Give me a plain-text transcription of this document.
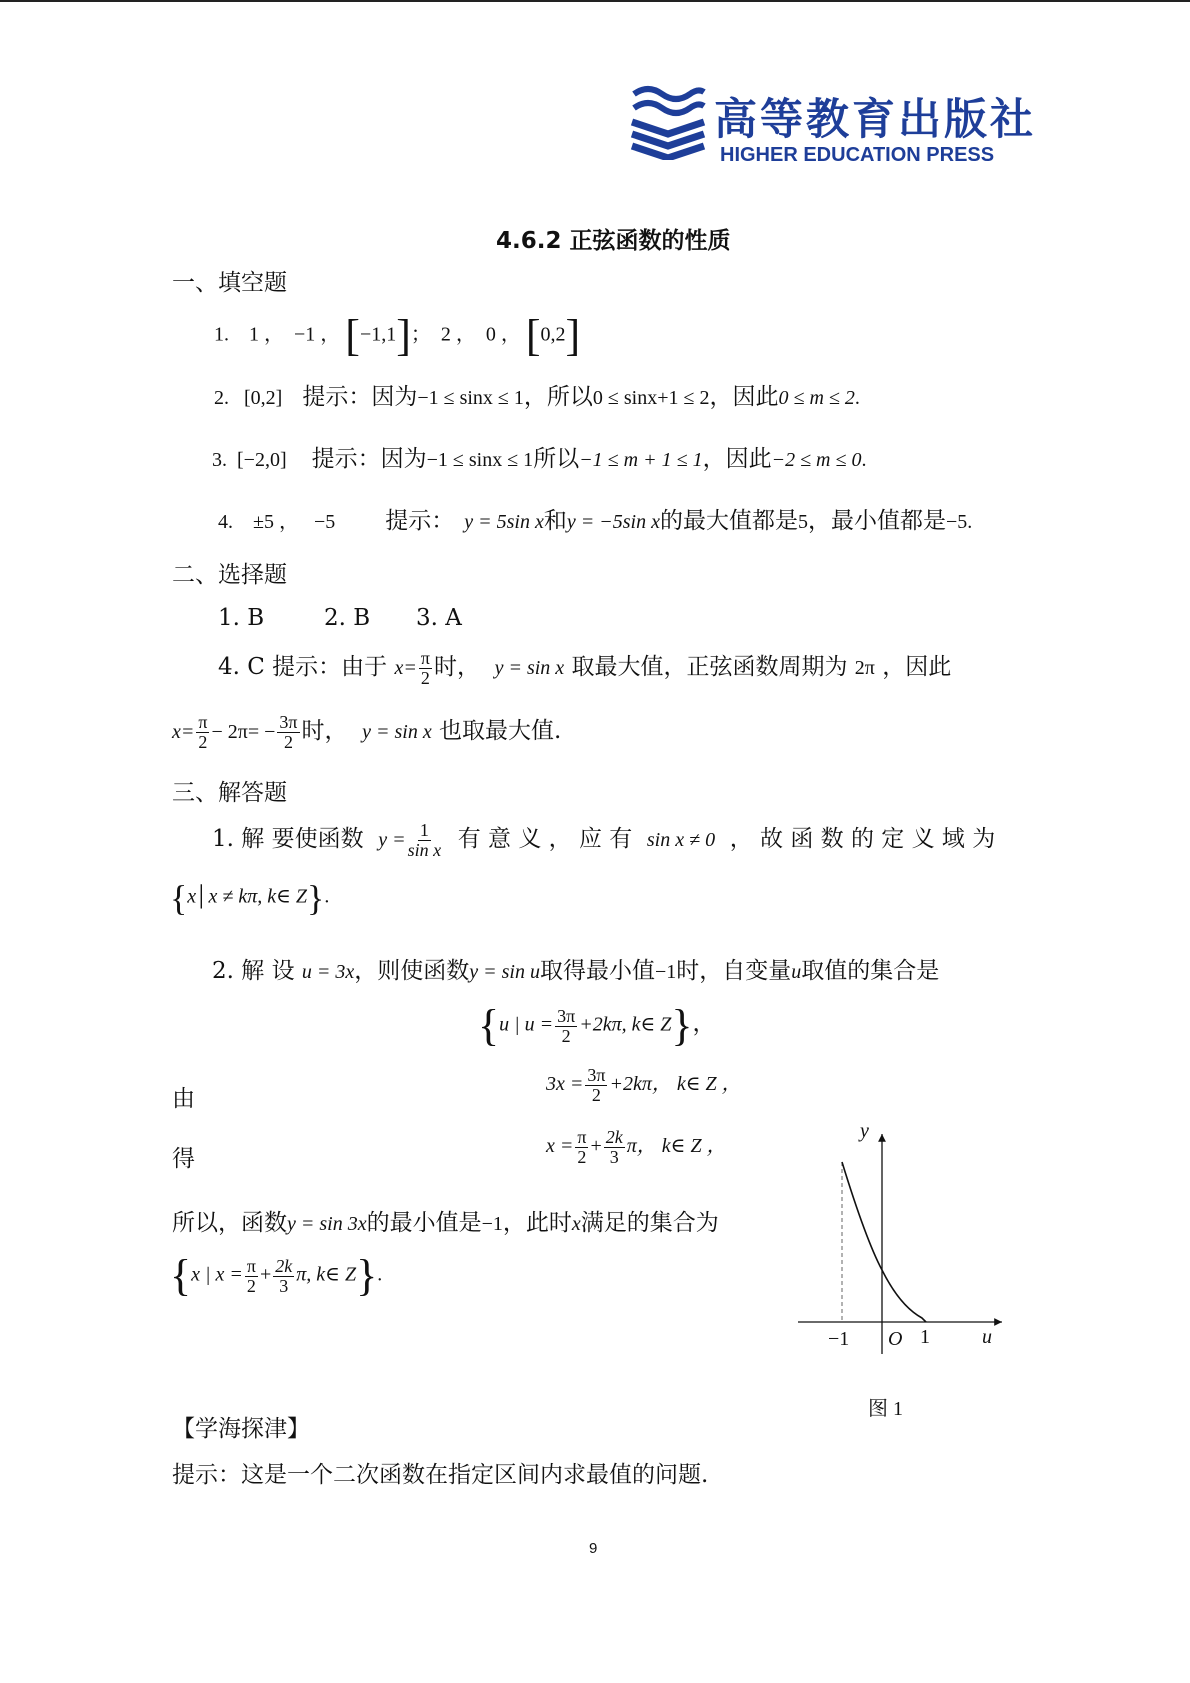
高等教育出版社
HIGHER EDUCATION PRESS
4.6.2 正弦函数的性质
一、填空题
1. 1 ，  −1 ， [−1,1]；  2 ，  0 ， [0,2]
2. [0,2] 提示：因为−1 ≤ sinx ≤ 1，所以0 ≤ sinx+1 ≤ 2，因此0 ≤ m ≤ 2.
3. [−2,0] 提示：因为−1 ≤ sinx ≤ 1所以−1 ≤ m + 1 ≤ 1，因此−2 ≤ m ≤ 0.
4. ±5 ，   −5 提示： y = 5sin x和y = −5sin x的最大值都是5，最小值都是−5.
二、选择题
1. B	2. B 3. A
4. C 提示：由于 $x= \frac{\pi}{2}$ 时， y = sin x 取最大值，正弦函数周期为 2π ，因此
$x= \frac{\pi}{2} - 2\pi= - \frac{3\pi}{2}$ 时， y = sin x 也取最大值.
三、解答题
1. 解 要使函数 $y = \frac{1}{\text{sin x}}$ 有 意 义 ， 应 有 sin x ≠ 0 ， 故 函 数 的 定 义 域 为
{x│x ≠ kπ, k∈ Z}.
2. 解 设 u = 3x，则使函数y = sin u取得最小值−1时，自变量u取值的集合是
{u | $u = \frac{3\pi}{2} +2k\pi$, k∈ Z}，
由
$3x = \frac{3\pi}{2} +2k\pi$， k∈ Z ，
得
$x = \frac{\pi}{2} + \frac{2k}{3}$ π， k∈ Z ，
所以，函数y = sin 3x的最小值是−1，此时x满足的集合为
{x | $x = \frac{\pi}{2} + \frac{2k}{3} \pi$, k∈ Z}.
y
u
O
−1	1
图 1
【学海探津】
提示：这是一个二次函数在指定区间内求最值的问题.
9
